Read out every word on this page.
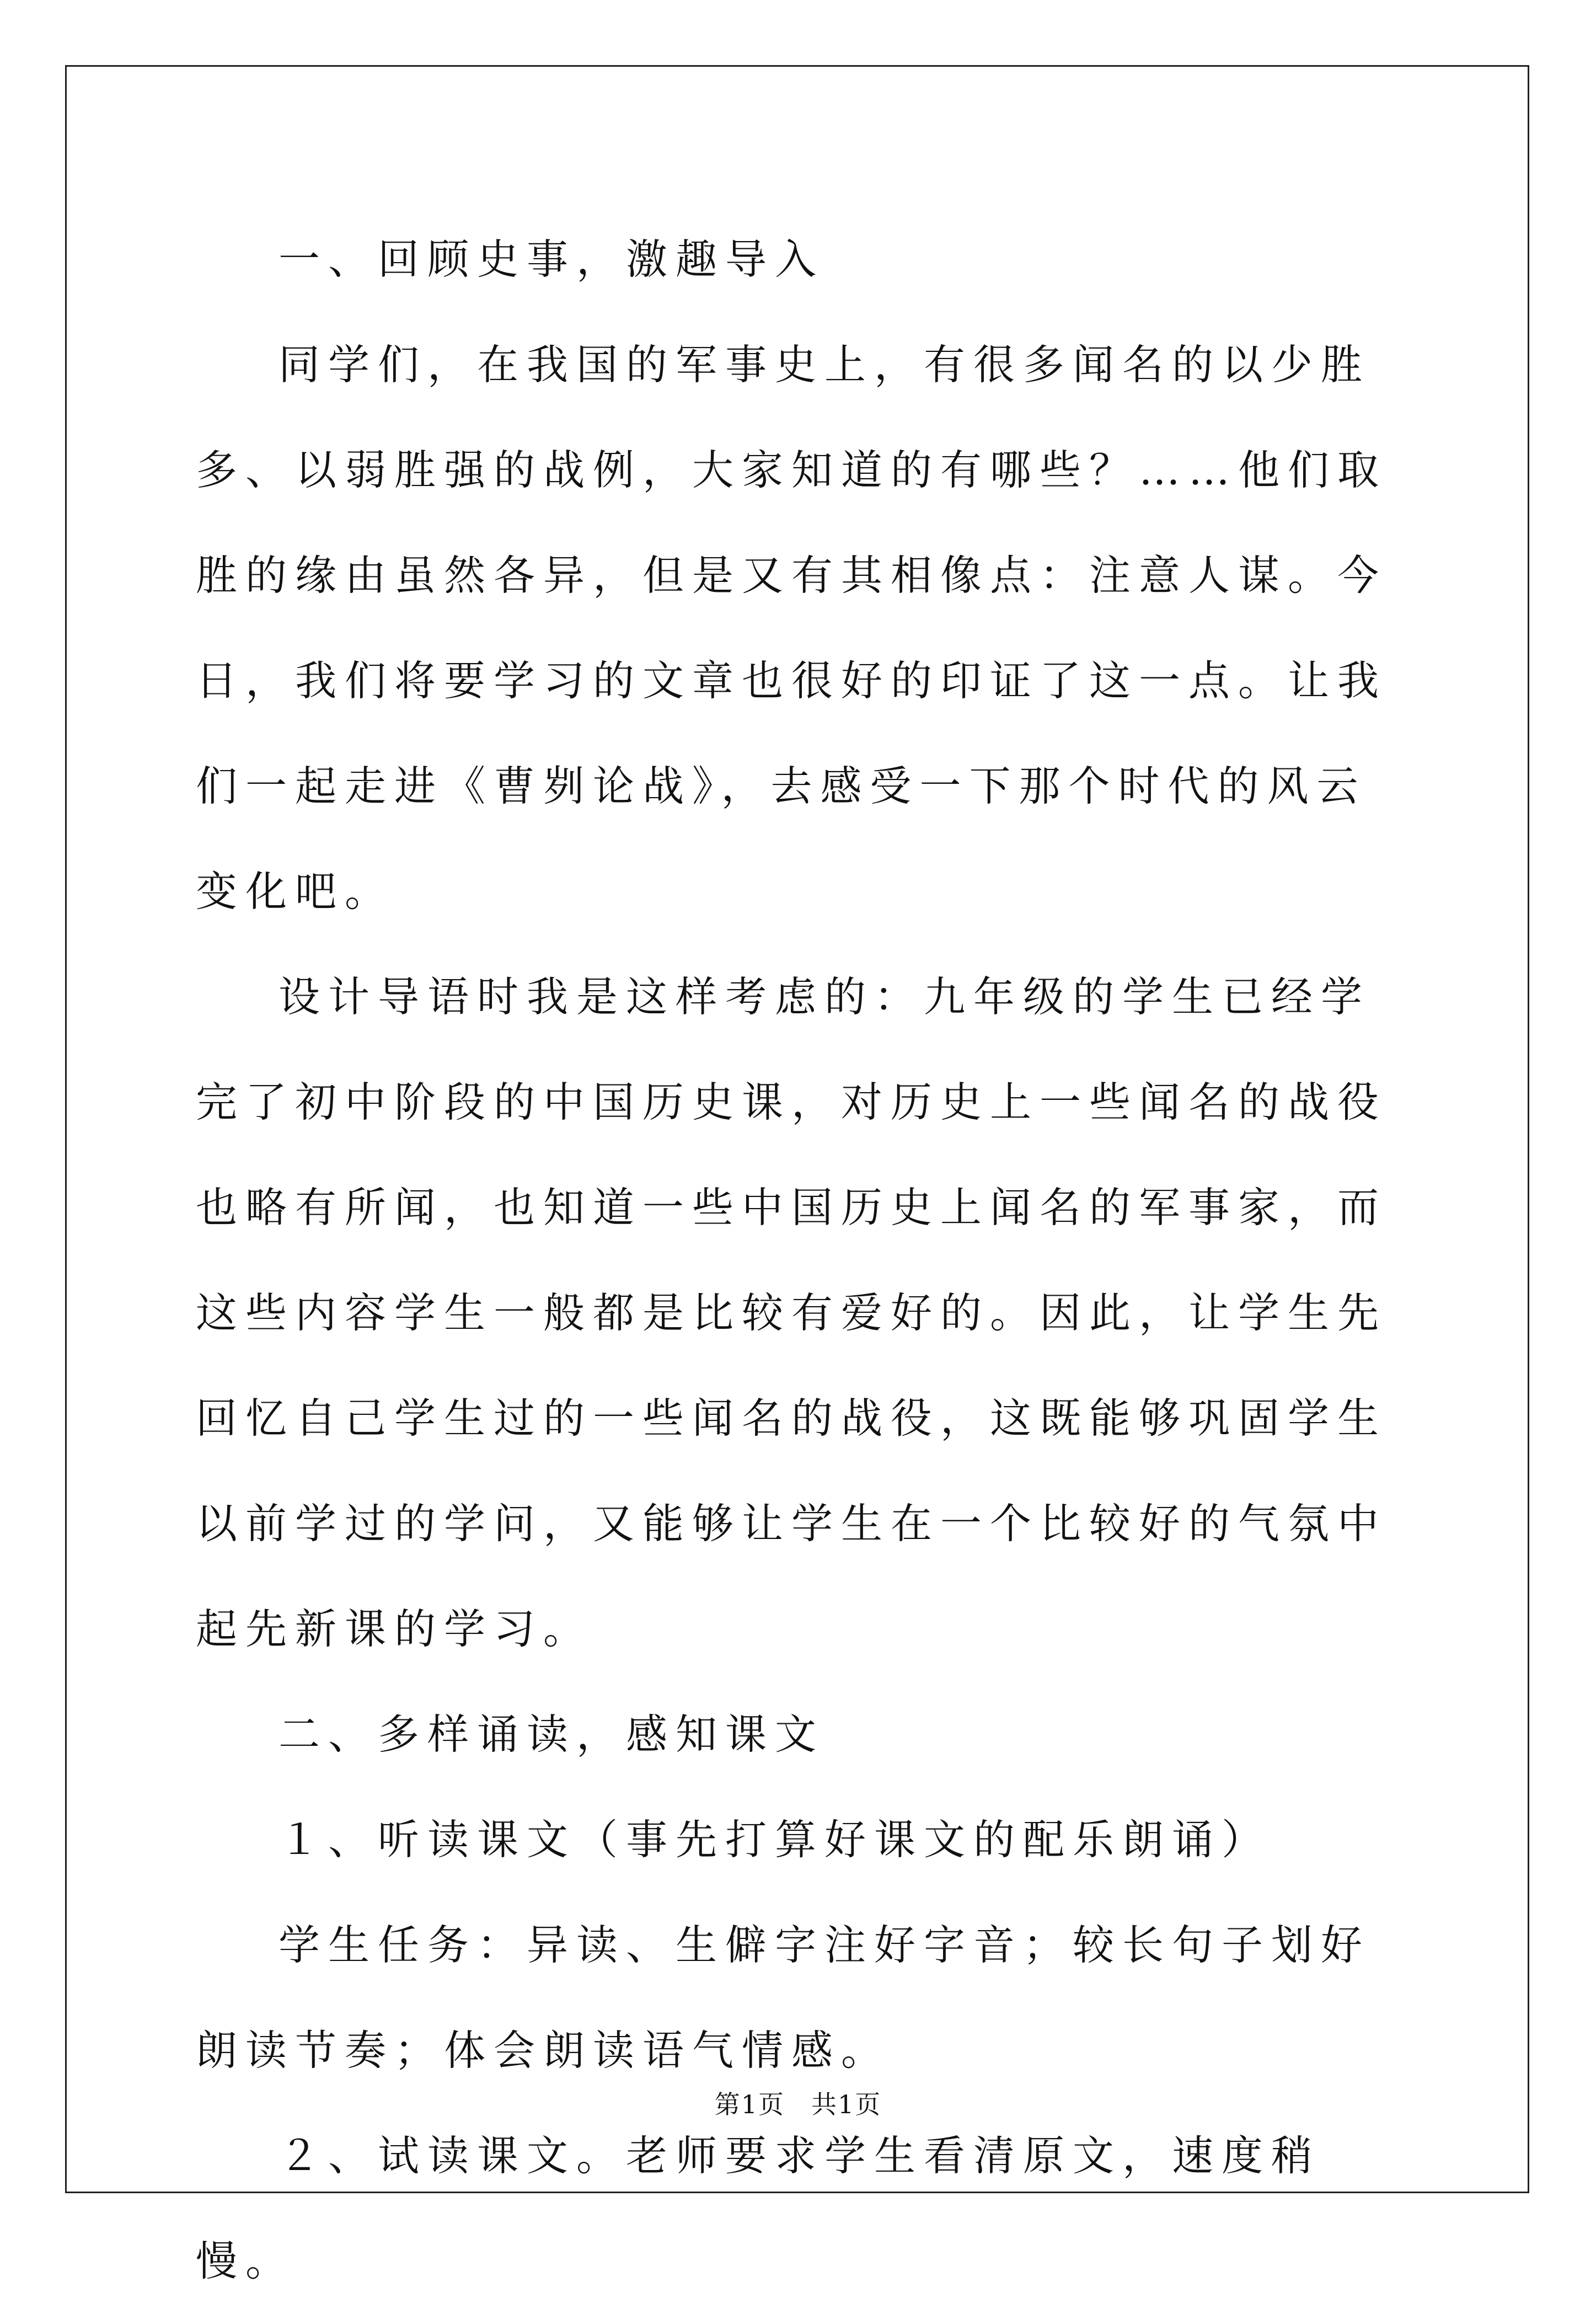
一、回顾史事，激趣导入

同学们，在我国的军事史上，有很多闻名的以少胜多、以弱胜强的战例，大家知道的有哪些？……他们取胜的缘由虽然各异，但是又有其相像点：注意人谋。今日，我们将要学习的文章也很好的印证了这一点。让我们一起走进《曹刿论战》，去感受一下那个时代的风云变化吧。

设计导语时我是这样考虑的：九年级的学生已经学完了初中阶段的中国历史课，对历史上一些闻名的战役也略有所闻，也知道一些中国历史上闻名的军事家，而这些内容学生一般都是比较有爱好的。因此，让学生先回忆自己学生过的一些闻名的战役，这既能够巩固学生以前学过的学问，又能够让学生在一个比较好的气氛中起先新课的学习。

二、多样诵读，感知课文

１、听读课文（事先打算好课文的配乐朗诵）

学生任务：异读、生僻字注好字音；较长句子划好朗读节奏；体会朗读语气情感。

２、试读课文。老师要求学生看清原文，速度稍慢。

第1页　共1页
